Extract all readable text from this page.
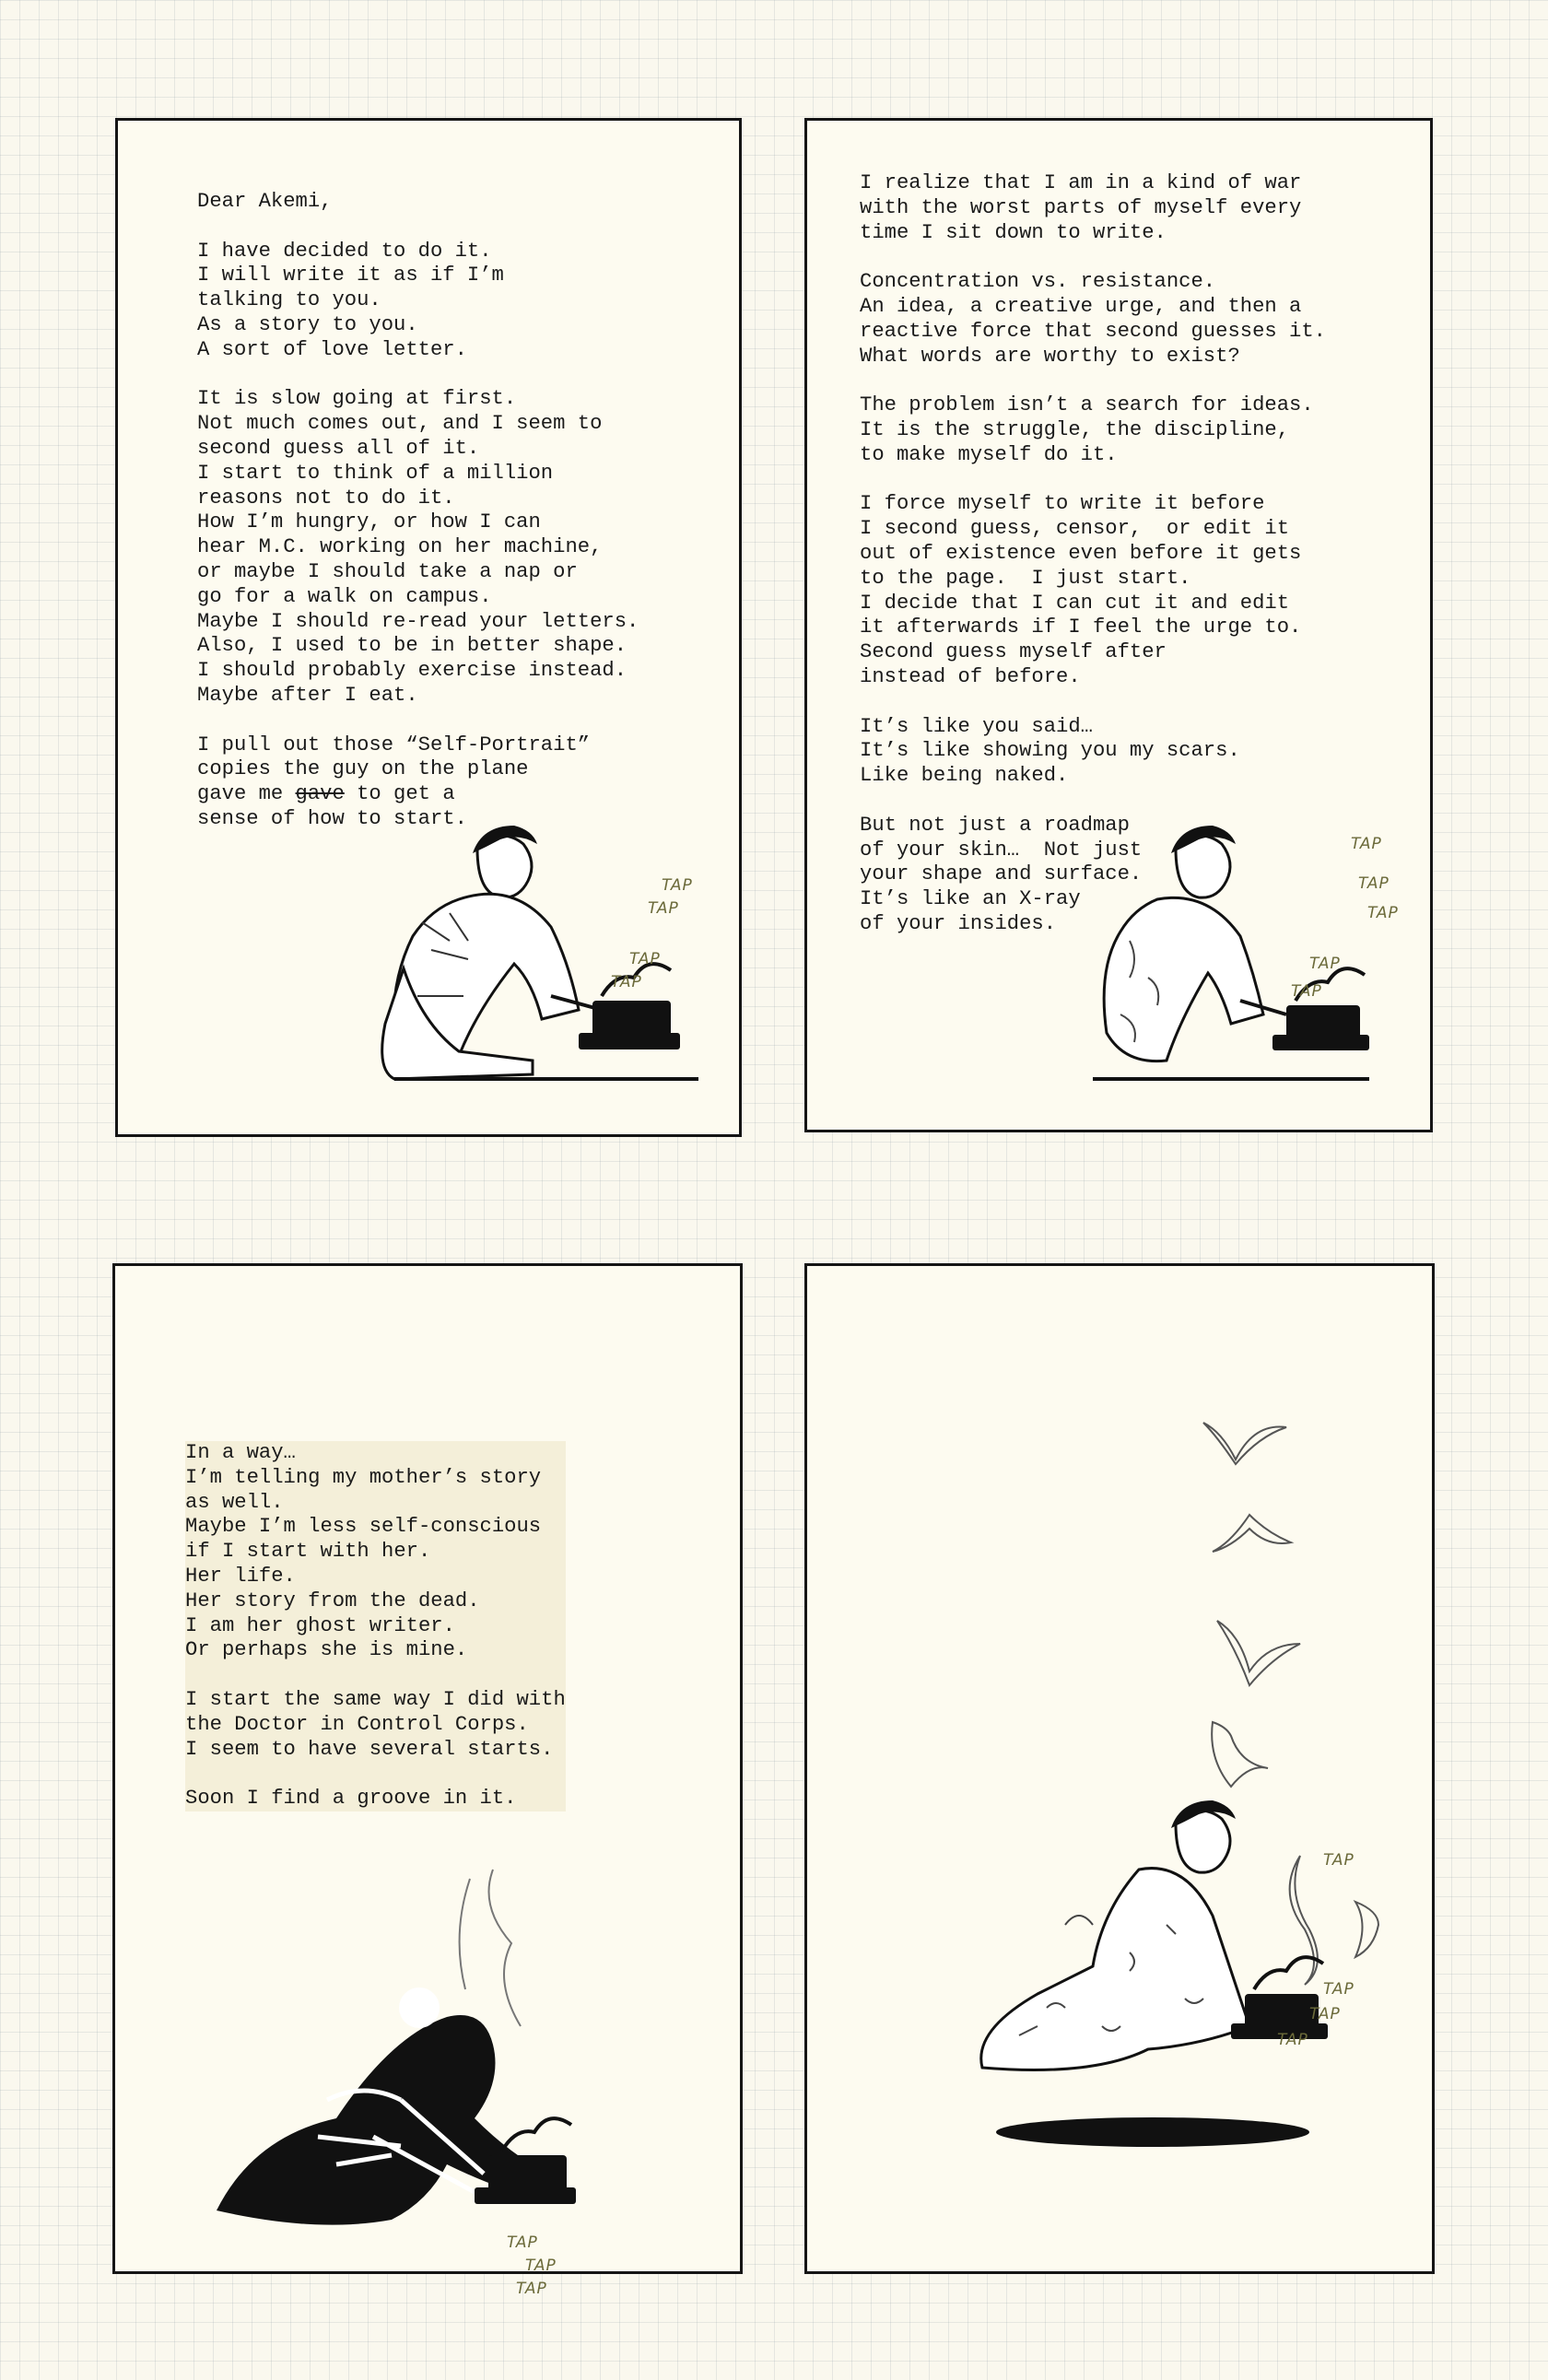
Dear Akemi,
I have decided to do it.
I will write it as if I’m
talking to you.
As a story to you.
A sort of love letter.
It is slow going at first.
Not much comes out, and I seem to
second guess all of it.
I start to think of a million
reasons not to do it.
How I’m hungry, or how I can
hear M.C. working on her machine,
or maybe I should take a nap or
go for a walk on campus.
Maybe I should re-read your letters.
Also, I used to be in better shape.
I should probably exercise instead.
Maybe after I eat.
I pull out those “Self-Portrait”
copies the guy on the plane
gave me gave to get a
sense of how to start.
TAP
TAP
TAP
TAP
I realize that I am in a kind of war
with the worst parts of myself every
time I sit down to write.
Concentration vs. resistance.
An idea, a creative urge, and then a
reactive force that second guesses it.
What words are worthy to exist?
The problem isn’t a search for ideas.
It is the struggle, the discipline,
to make myself do it.
I force myself to write it before
I second guess, censor,  or edit it
out of existence even before it gets
to the page.  I just start.
I decide that I can cut it and edit
it afterwards if I feel the urge to.
Second guess myself after
instead of before.
It’s like you said…
It’s like showing you my scars.
Like being naked.
But not just a roadmap
of your skin…  Not just
your shape and surface.
It’s like an X-ray
of your insides.
TAP
TAP
TAP
TAP
TAP
In a way…
I’m telling my mother’s story
as well.
Maybe I’m less self-conscious
if I start with her.
Her life.
Her story from the dead.
I am her ghost writer.
Or perhaps she is mine.
I start the same way I did with
the Doctor in Control Corps.
I seem to have several starts.
Soon I find a groove in it.
TAP
TAP
TAP
TAP
TAP
TAP
TAP
